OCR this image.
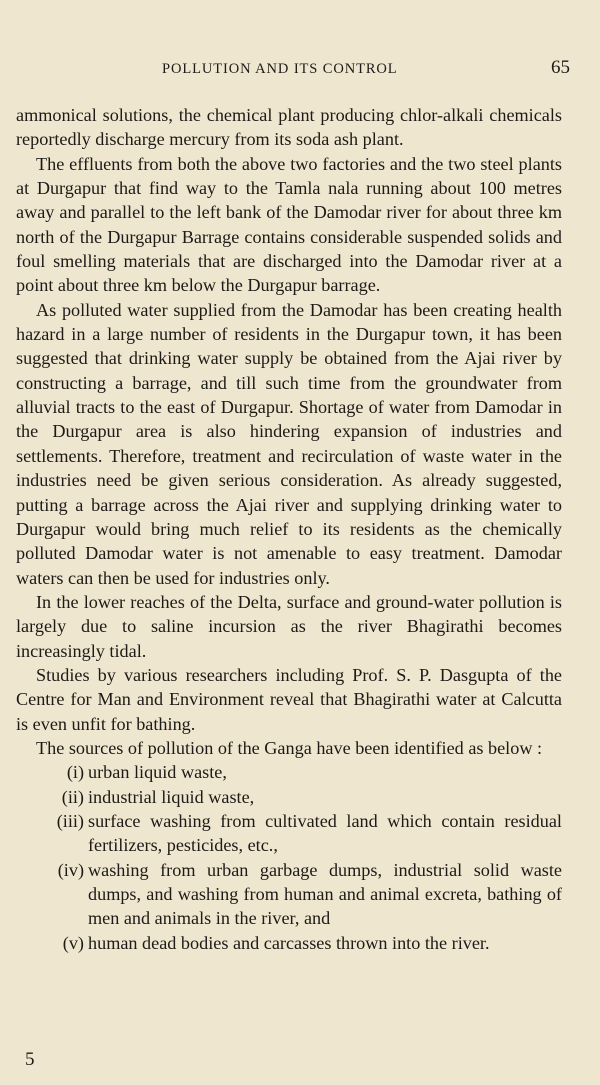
POLLUTION AND ITS CONTROL	65

ammonical solutions, the chemical plant producing chlor-alkali chemicals reportedly discharge mercury from its soda ash plant.

The effluents from both the above two factories and the two steel plants at Durgapur that find way to the Tamla nala running about 100 metres away and parallel to the left bank of the Damodar river for about three km north of the Durgapur Barrage contains considerable suspended solids and foul smelling materials that are discharged into the Damodar river at a point about three km below the Durgapur barrage.

As polluted water supplied from the Damodar has been creating health hazard in a large number of residents in the Durgapur town, it has been suggested that drinking water supply be obtained from the Ajai river by constructing a barrage, and till such time from the groundwater from alluvial tracts to the east of Durgapur. Shortage of water from Damodar in the Durgapur area is also hindering expansion of industries and settlements. Therefore, treatment and recirculation of waste water in the industries need be given serious consideration. As already suggested, putting a barrage across the Ajai river and supplying drinking water to Durgapur would bring much relief to its residents as the chemically polluted Damodar water is not amenable to easy treatment. Damodar waters can then be used for industries only.

In the lower reaches of the Delta, surface and ground-water pollution is largely due to saline incursion as the river Bhagirathi becomes increasingly tidal.

Studies by various researchers including Prof. S. P. Dasgupta of the Centre for Man and Environment reveal that Bhagirathi water at Calcutta is even unfit for bathing.

The sources of pollution of the Ganga have been identified as below :

(i) urban liquid waste,
(ii) industrial liquid waste,
(iii) surface washing from cultivated land which contain residual fertilizers, pesticides, etc.,
(iv) washing from urban garbage dumps, industrial solid waste dumps, and washing from human and animal excreta, bathing of men and animals in the river, and
(v) human dead bodies and carcasses thrown into the river.
5
